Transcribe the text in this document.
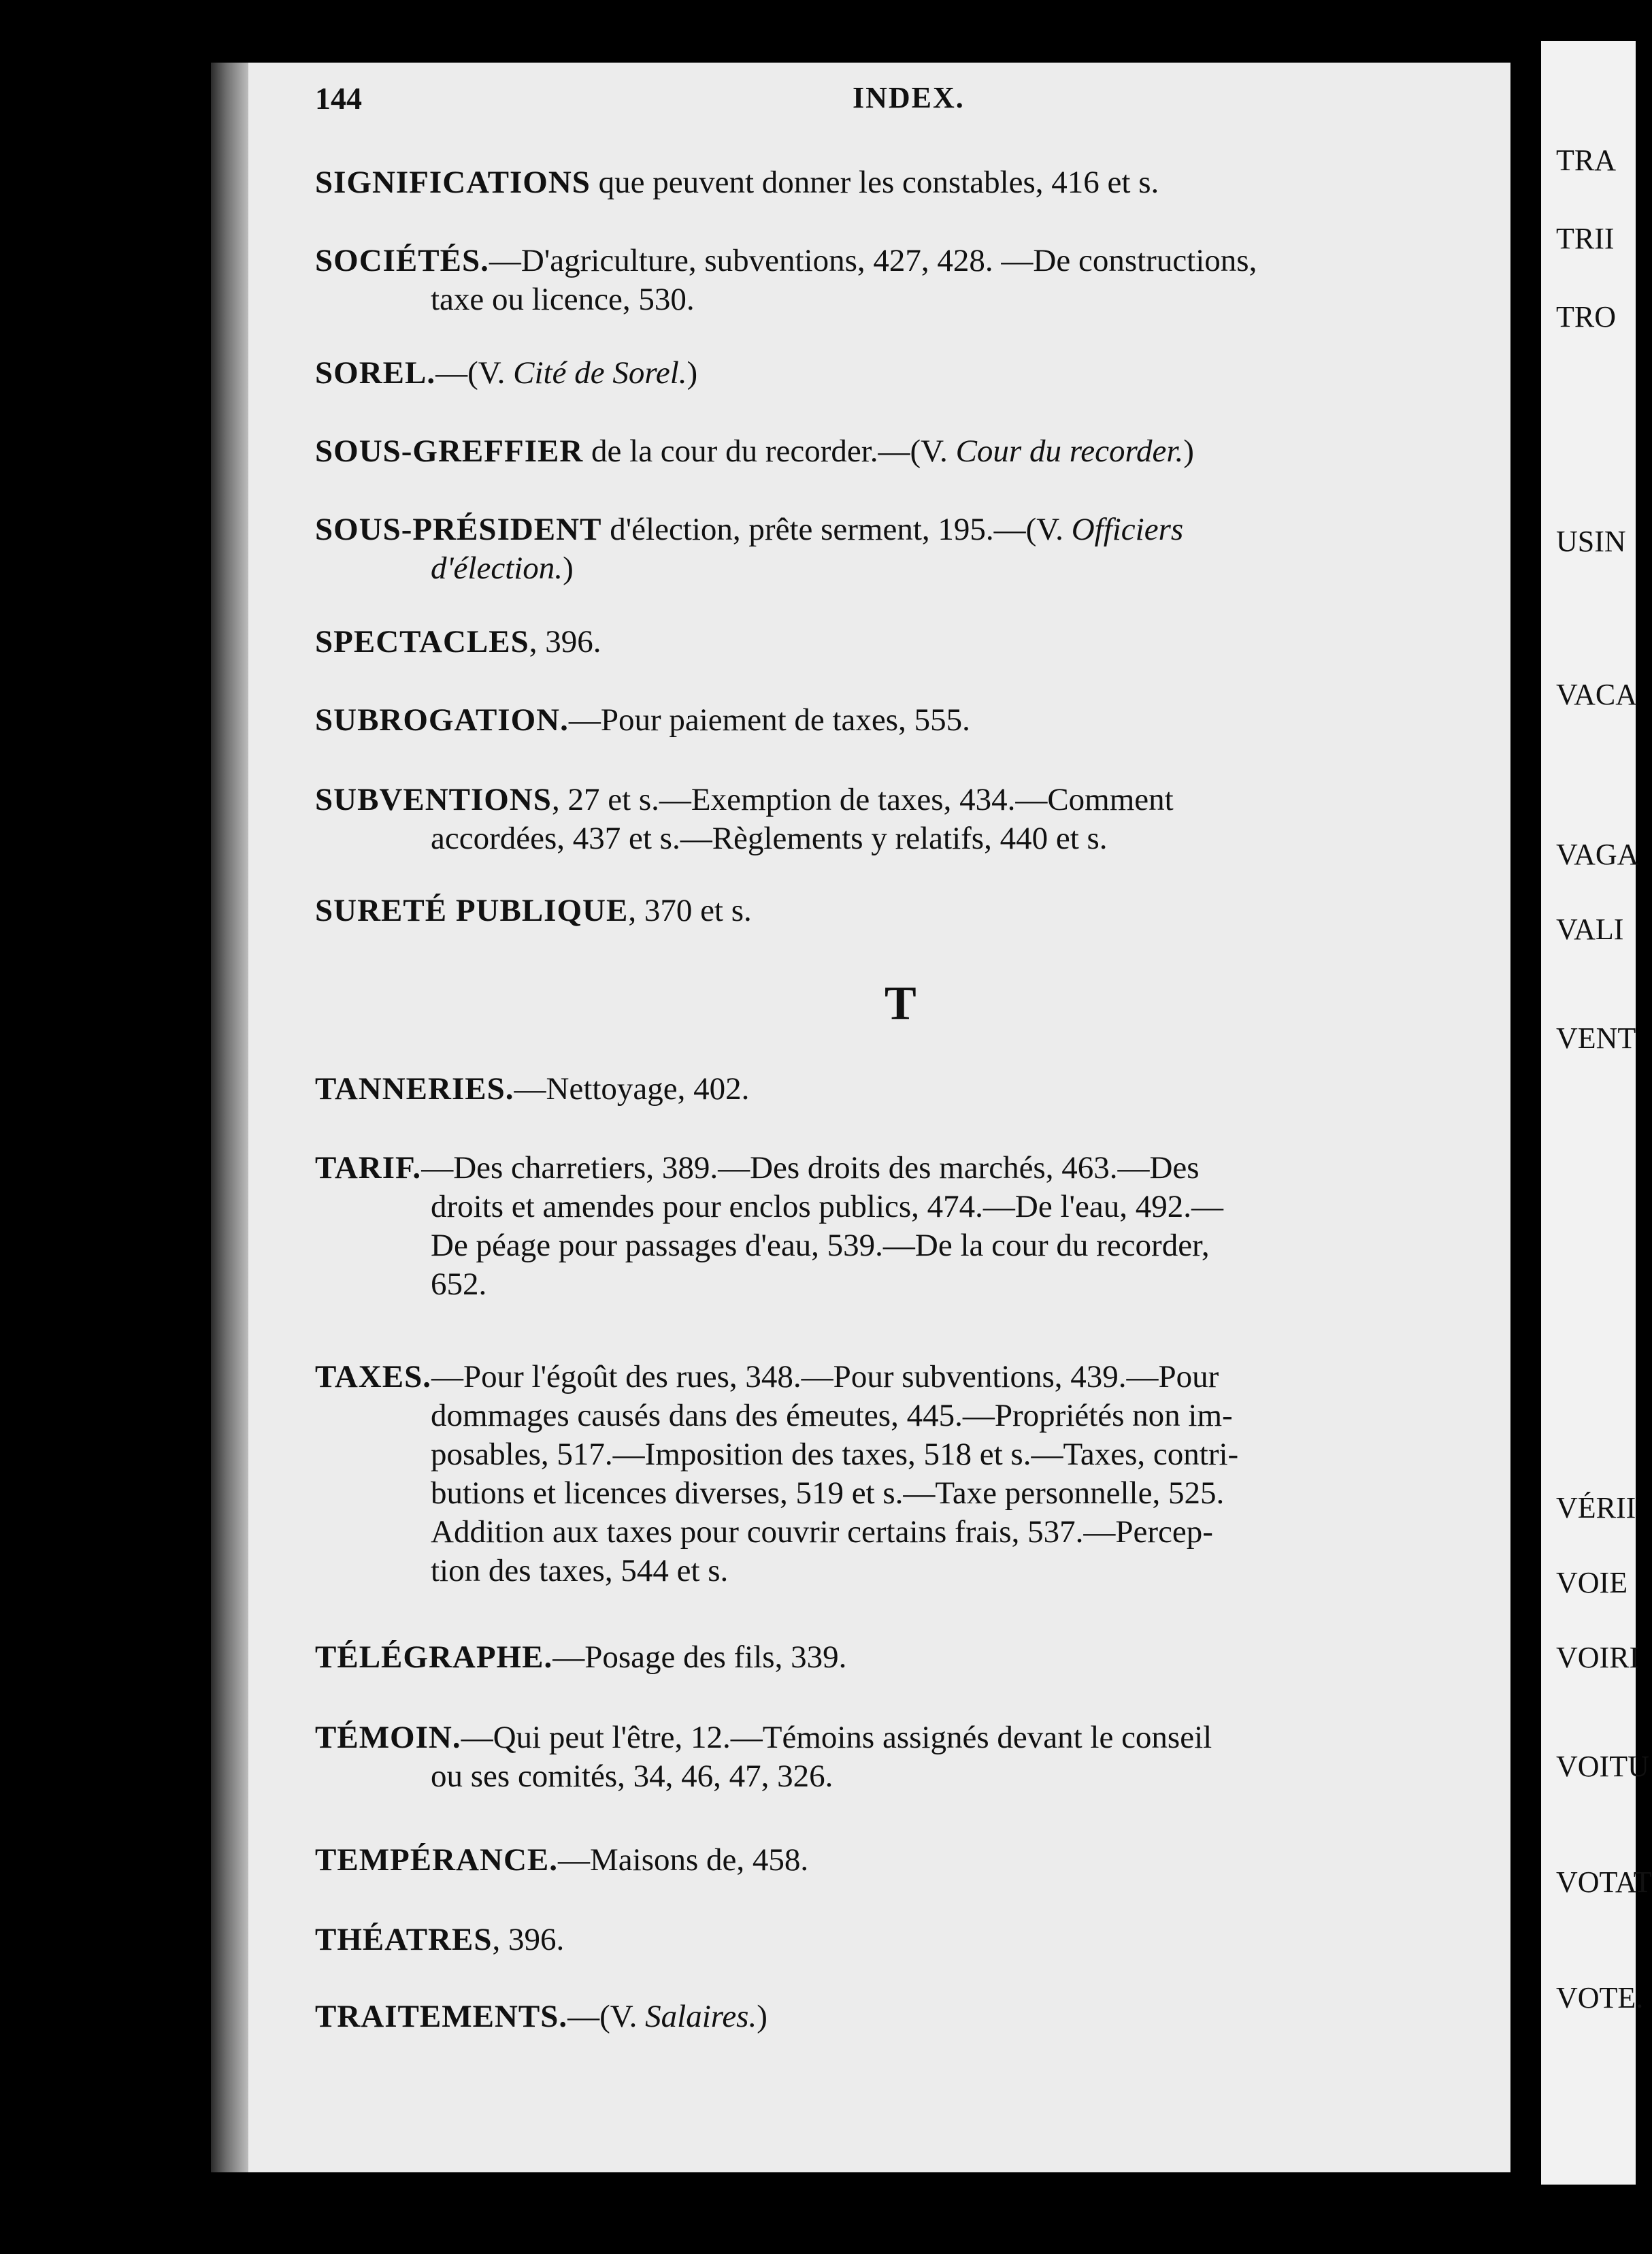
TRA
TRII
TRO
USIN
VACA
VAGA
VALI
VENT
VÉRII
VOIE
VOIRI
VOITU
VOTAT
VOTE.
144	INDEX.
SIGNIFICATIONS que peuvent donner les constables, 416 et s.
SOCIÉTÉS.—D'agriculture, subventions, 427, 428. —De constructions,
taxe ou licence, 530.
SOREL.—(V. Cité de Sorel.)
SOUS-GREFFIER de la cour du recorder.—(V. Cour du recorder.)
SOUS-PRÉSIDENT d'élection, prête serment, 195.—(V. Officiers
d'élection.)
SPECTACLES, 396.
SUBROGATION.—Pour paiement de taxes, 555.
SUBVENTIONS, 27 et s.—Exemption de taxes, 434.—Comment
accordées, 437 et s.—Règlements y relatifs, 440 et s.
SURETÉ PUBLIQUE, 370 et s.
T
TANNERIES.—Nettoyage, 402.
TARIF.—Des charretiers, 389.—Des droits des marchés, 463.—Des
droits et amendes pour enclos publics, 474.—De l'eau, 492.—
De péage pour passages d'eau, 539.—De la cour du recorder,
652.
TAXES.—Pour l'égoût des rues, 348.—Pour subventions, 439.—Pour
dommages causés dans des émeutes, 445.—Propriétés non im-
posables, 517.—Imposition des taxes, 518 et s.—Taxes, contri-
butions et licences diverses, 519 et s.—Taxe personnelle, 525.
Addition aux taxes pour couvrir certains frais, 537.—Percep-
tion des taxes, 544 et s.
TÉLÉGRAPHE.—Posage des fils, 339.
TÉMOIN.—Qui peut l'être, 12.—Témoins assignés devant le conseil
ou ses comités, 34, 46, 47, 326.
TEMPÉRANCE.—Maisons de, 458.
THÉATRES, 396.
TRAITEMENTS.—(V. Salaires.)
